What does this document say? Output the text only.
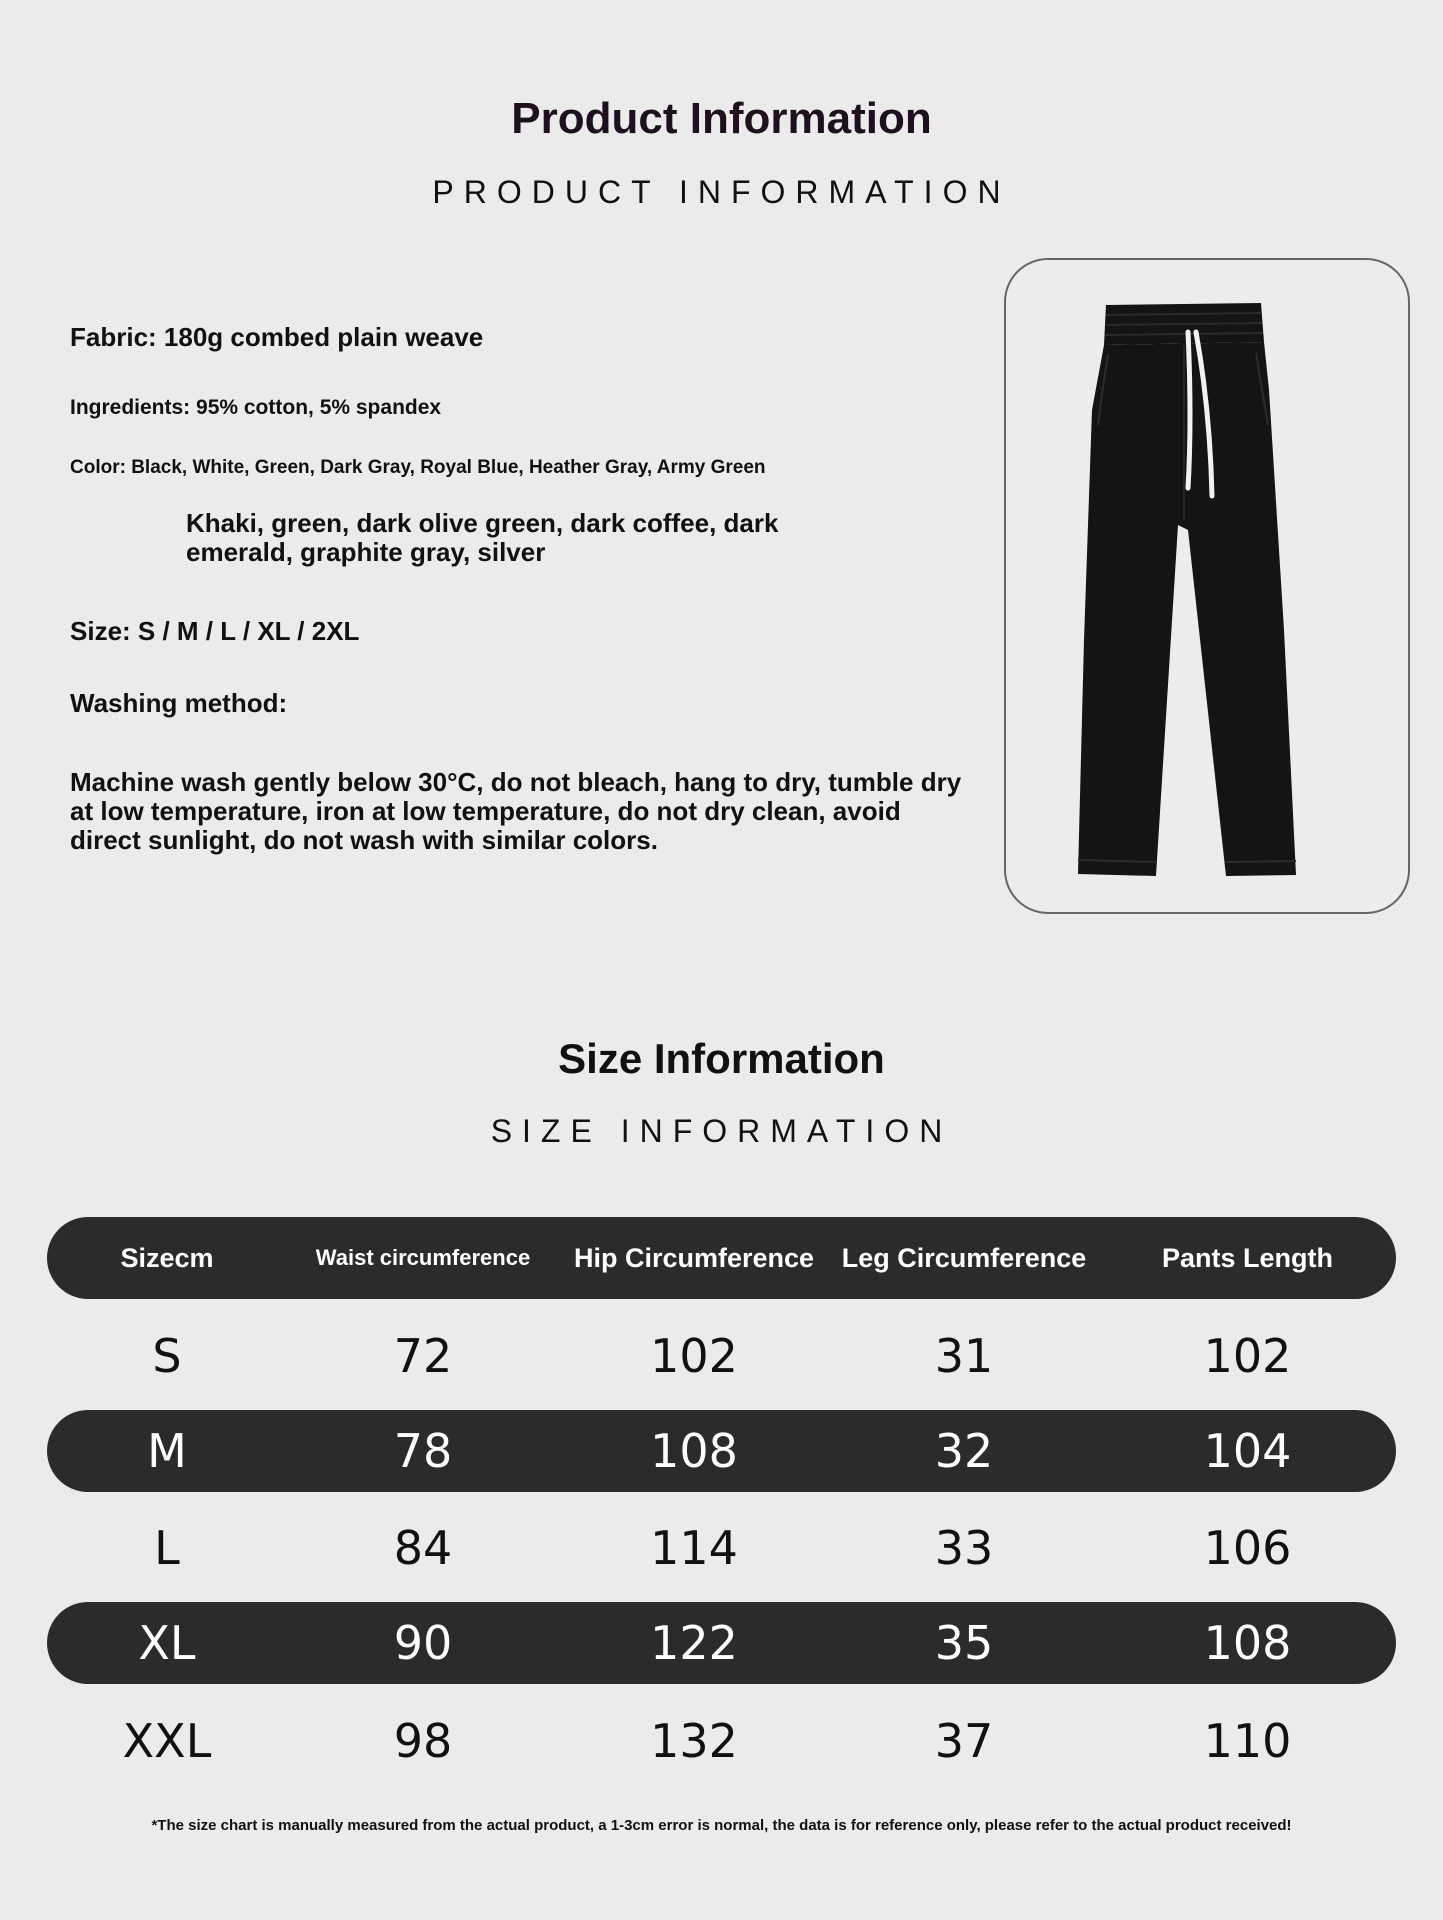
Product Information
PRODUCT INFORMATION
Fabric: 180g combed plain weave
Ingredients: 95% cotton, 5% spandex
Color: Black, White, Green, Dark Gray, Royal Blue, Heather Gray, Army Green
Khaki, green, dark olive green, dark coffee, dark emerald, graphite gray, silver
Size: S / M / L / XL / 2XL
Washing method:
Machine wash gently below 30°C, do not bleach, hang to dry, tumble dry at low temperature, iron at low temperature, do not dry clean, avoid direct sunlight, do not wash with similar colors.
Size Information
SIZE INFORMATION
Sizecm	Waist circumference	Hip Circumference	Leg Circumference	Pants Length
S	72	102	31	102
M	78	108	32	104
L	84	114	33	106
XL	90	122	35	108
XXL	98	132	37	110
*The size chart is manually measured from the actual product, a 1-3cm error is normal, the data is for reference only, please refer to the actual product received!
